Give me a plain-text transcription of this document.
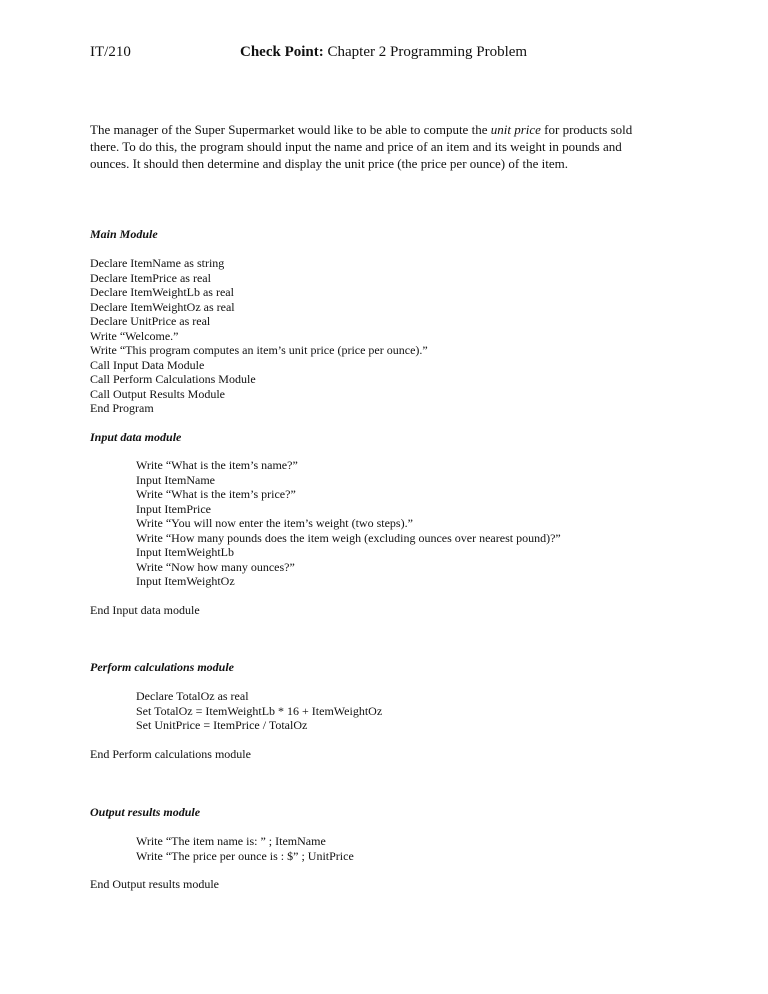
IT/210	Check Point: Chapter 2 Programming Problem

The manager of the Super Supermarket would like to be able to compute the unit price for products sold

there. To do this, the program should input the name and price of an item and its weight in pounds and

ounces. It should then determine and display the unit price (the price per ounce) of the item.

Main Module
Declare ItemName as string
Declare ItemPrice as real
Declare ItemWeightLb as real
Declare ItemWeightOz as real
Declare UnitPrice as real
Write “Welcome.”
Write “This program computes an item’s unit price (price per ounce).”
Call Input Data Module
Call Perform Calculations Module
Call Output Results Module
End Program
Input data module
Write “What is the item’s name?”
Input ItemName
Write “What is the item’s price?”
Input ItemPrice
Write “You will now enter the item’s weight (two steps).”
Write “How many pounds does the item weigh (excluding ounces over nearest pound)?”
Input ItemWeightLb
Write “Now how many ounces?”
Input ItemWeightOz
End Input data module
Perform calculations module
Declare TotalOz as real
Set TotalOz = ItemWeightLb * 16 + ItemWeightOz
Set UnitPrice = ItemPrice / TotalOz
End Perform calculations module
Output results module
Write “The item name is: ” ; ItemName
Write “The price per ounce is : $” ; UnitPrice
End Output results module
